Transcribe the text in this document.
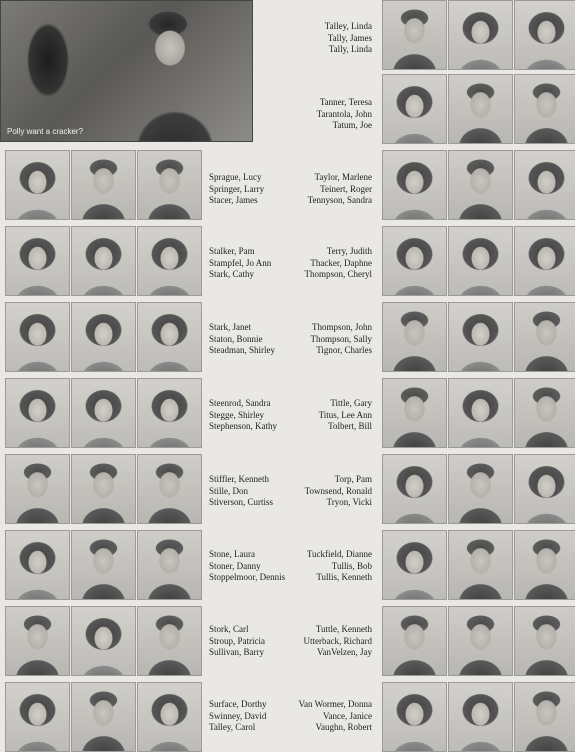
Polly want a cracker?
Talley, Linda
Tally, James
Tally, Linda
Tanner, Teresa
Tarantola, John
Tatum, Joe
Sprague, Lucy
Springer, Larry
Stacer, James
Taylor, Marlene
Teinert, Roger
Tennyson, Sandra
Stalker, Pam
Stampfel, Jo Ann
Stark, Cathy
Terry, Judith
Thacker, Daphne
Thompson, Cheryl
Stark, Janet
Staton, Bonnie
Steadman, Shirley
Thompson, John
Thompson, Sally
Tignor, Charles
Steenrod, Sandra
Stegge, Shirley
Stephenson, Kathy
Tittle, Gary
Titus, Lee Ann
Tolbert, Bill
Stiffler, Kenneth
Stille, Don
Stiverson, Curtiss
Torp, Pam
Townsend, Ronald
Tryon, Vicki
Stone, Laura
Stoner, Danny
Stoppelmoor, Dennis
Tuckfield, Dianne
Tullis, Bob
Tullis, Kenneth
Stork, Carl
Stroup, Patricia
Sullivan, Barry
Tuttle, Kenneth
Utterback, Richard
VanVelzen, Jay
Surface, Dorthy
Swinney, David
Talley, Carol
Van Wormer, Donna
Vance, Janice
Vaughn, Robert
